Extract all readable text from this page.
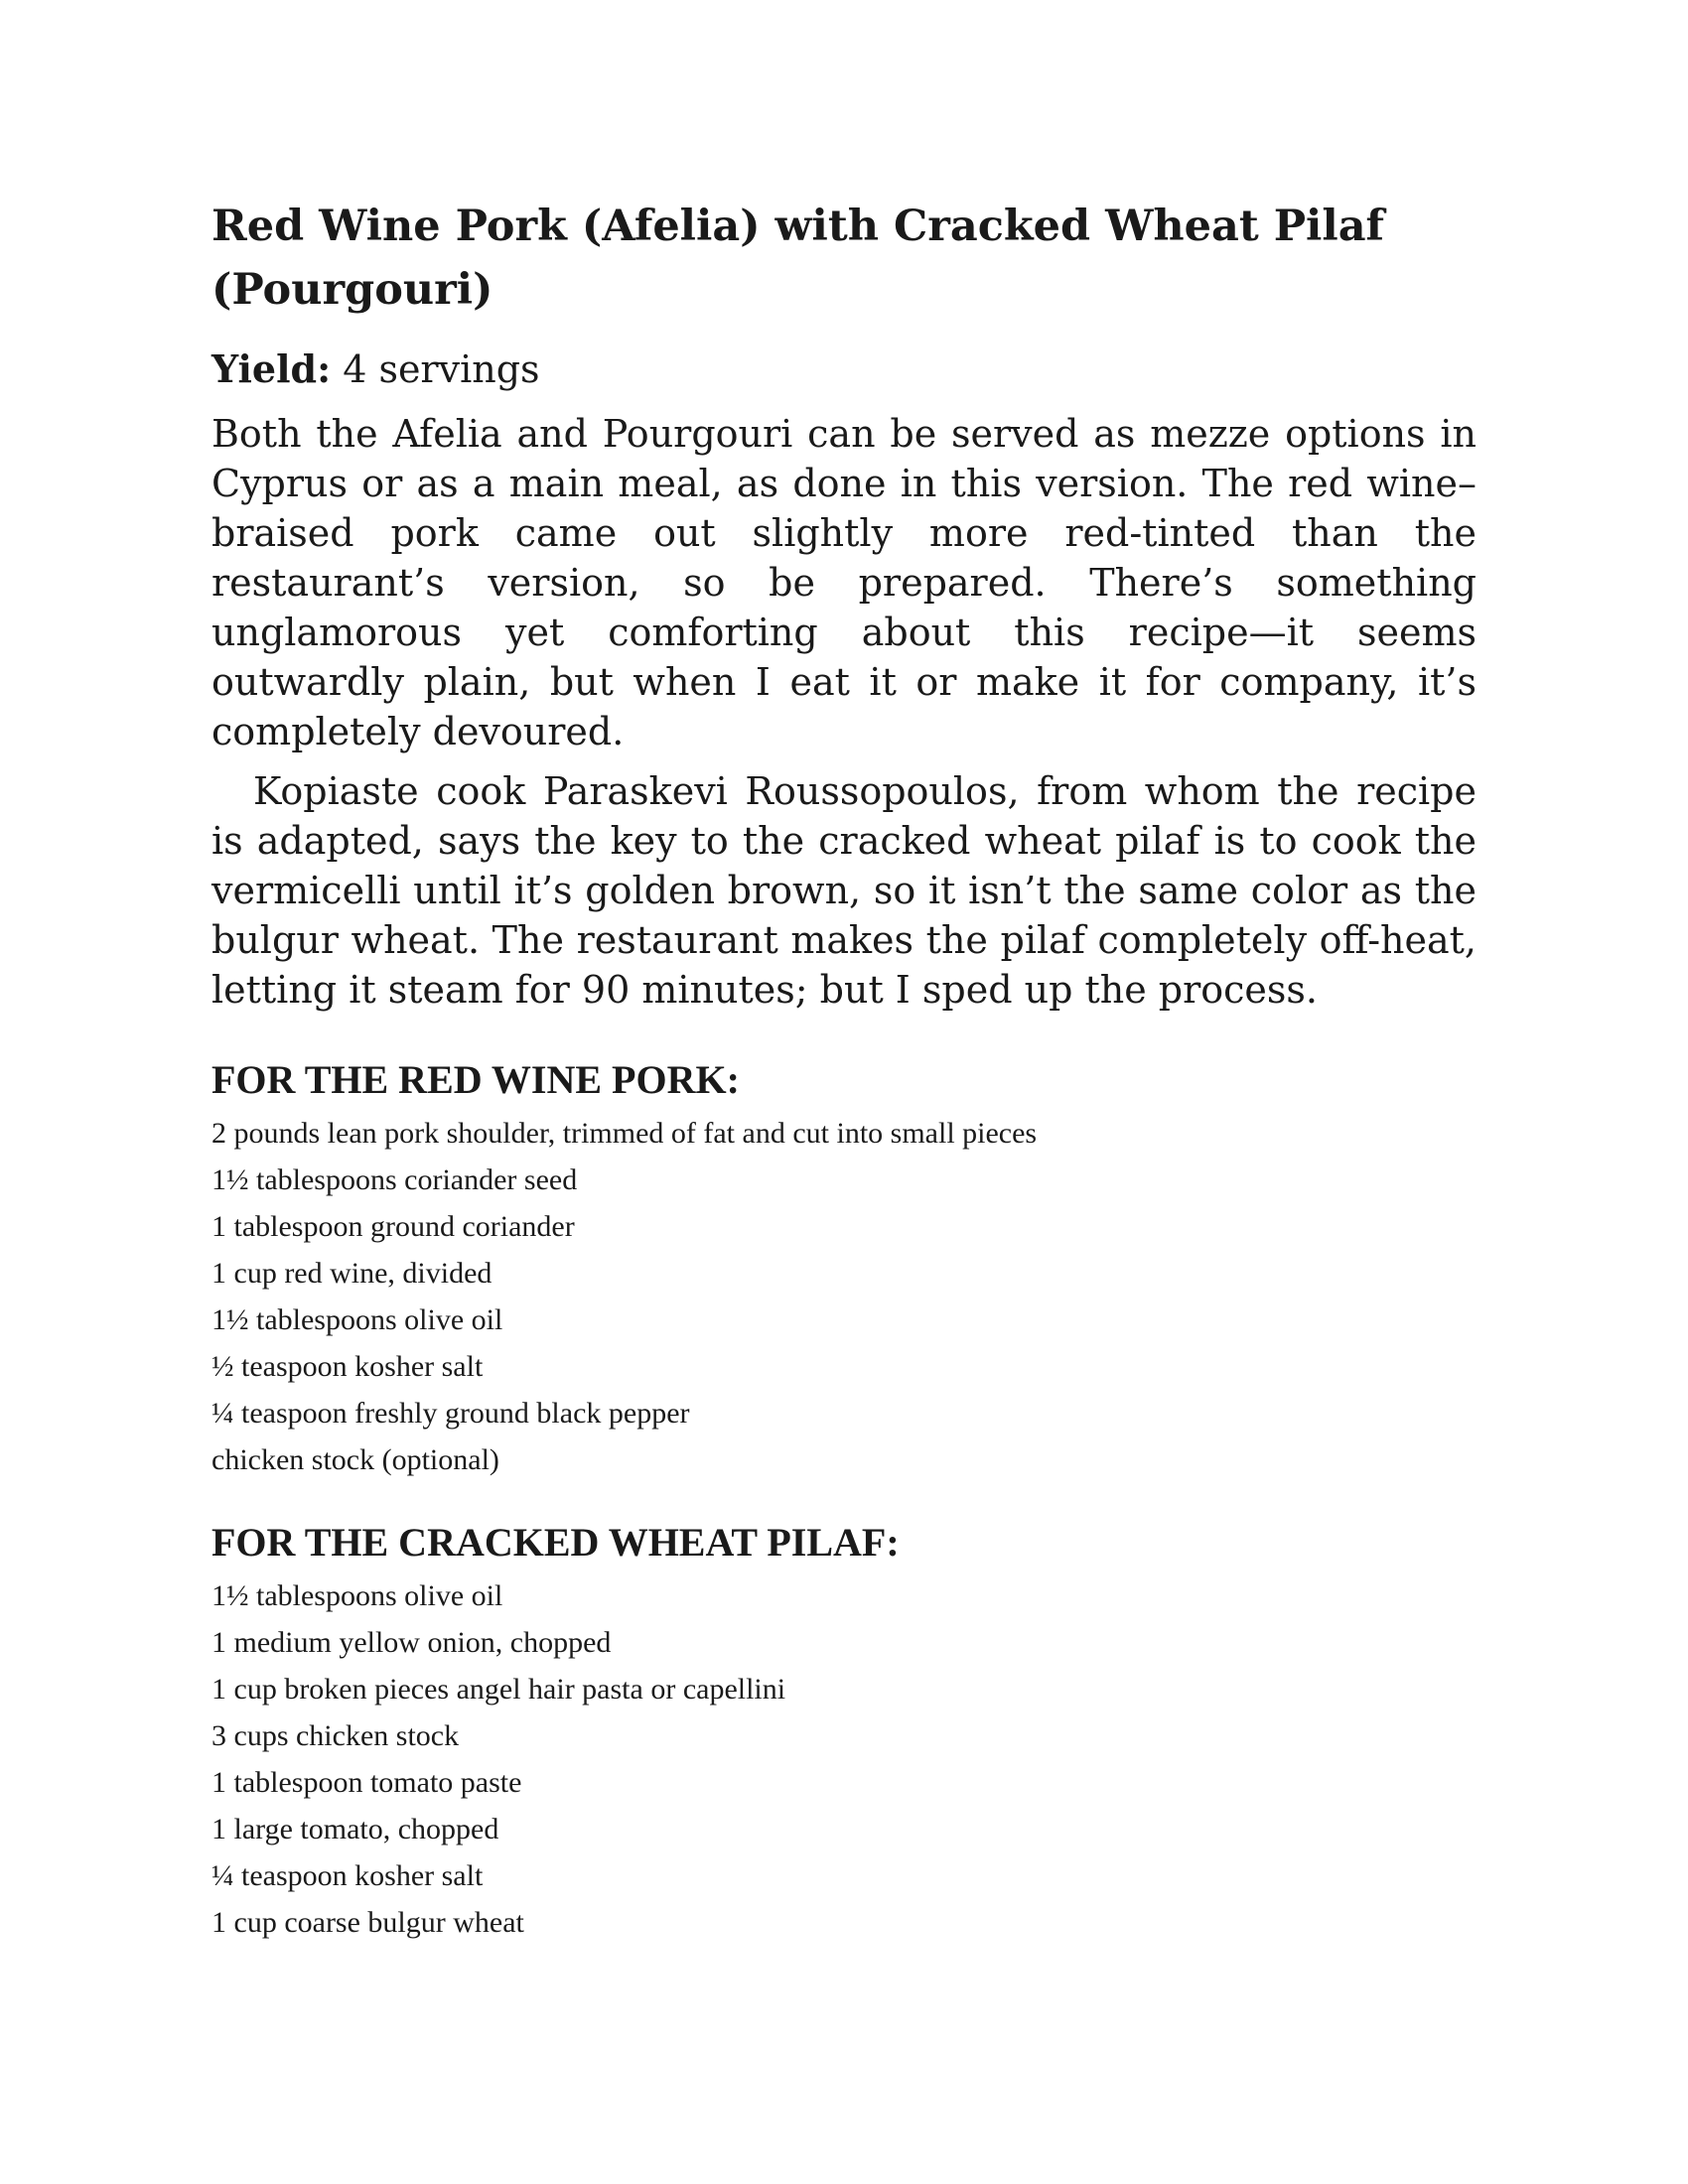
Red Wine Pork (Afelia) with Cracked Wheat Pilaf (Pourgouri)
Yield: 4 servings

Both the Afelia and Pourgouri can be served as mezze options in Cyprus or as a main meal, as done in this version. The red wine–braised pork came out slightly more red-tinted than the restaurant’s version, so be prepared. There’s something unglamorous yet comforting about this recipe—it seems outwardly plain, but when I eat it or make it for company, it’s completely devoured.

Kopiaste cook Paraskevi Roussopoulos, from whom the recipe is adapted, says the key to the cracked wheat pilaf is to cook the vermicelli until it’s golden brown, so it isn’t the same color as the bulgur wheat. The restaurant makes the pilaf completely off-heat, letting it steam for 90 minutes; but I sped up the process.

FOR THE RED WINE PORK:
2 pounds lean pork shoulder, trimmed of fat and cut into small pieces
1½ tablespoons coriander seed
1 tablespoon ground coriander
1 cup red wine, divided
1½ tablespoons olive oil
½ teaspoon kosher salt
¼ teaspoon freshly ground black pepper
chicken stock (optional)
FOR THE CRACKED WHEAT PILAF:
1½ tablespoons olive oil
1 medium yellow onion, chopped
1 cup broken pieces angel hair pasta or capellini
3 cups chicken stock
1 tablespoon tomato paste
1 large tomato, chopped
¼ teaspoon kosher salt
1 cup coarse bulgur wheat
